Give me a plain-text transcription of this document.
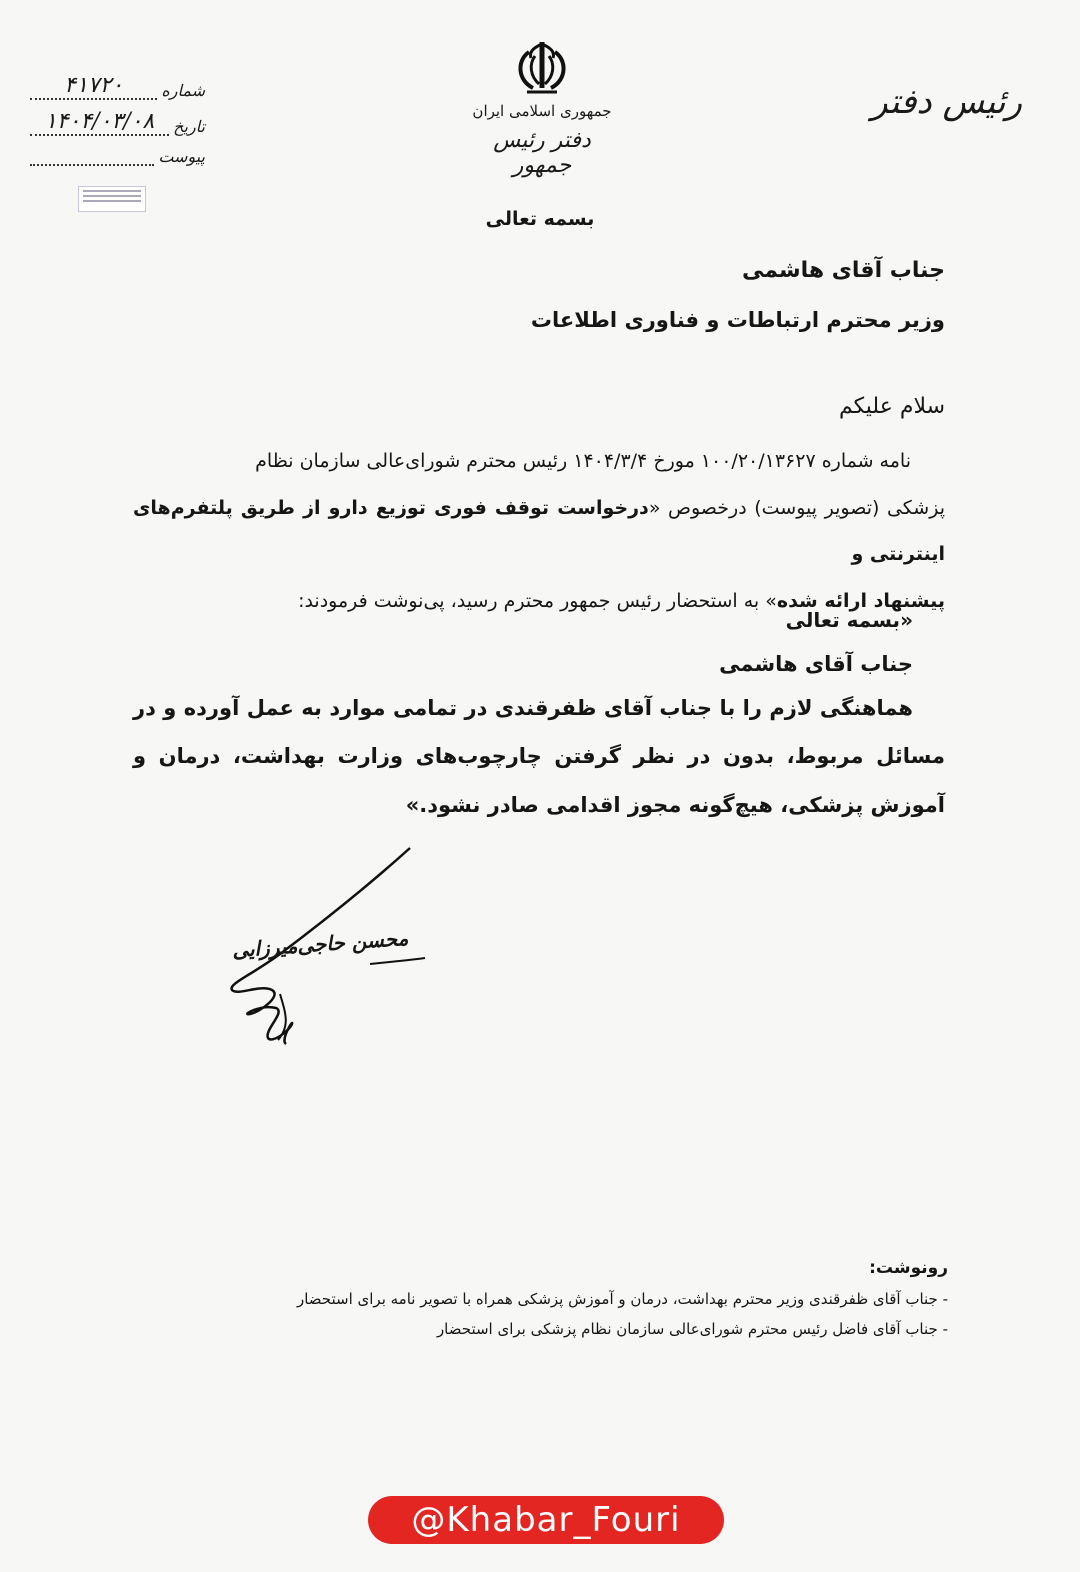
جمهوری اسلامی ایران
دفتر رئیس جمهور
رئیس دفتر
شماره
۴۱۷۲۰
تاریخ
۱۴۰۴/۰۳/۰۸
پیوست
بسمه تعالی
جناب آقای هاشمی
وزیر محترم ارتباطات و فناوری اطلاعات
سلام علیکم

نامه شماره ۱۰۰/۲۰/۱۳۶۲۷ مورخ ۱۴۰۴/۳/۴ رئیس محترم شورای‌عالی سازمان نظام

پزشکی (تصویر پیوست) درخصوص «درخواست توقف فوری توزیع دارو از طریق پلتفرم‌های اینترنتی و

پیشنهاد ارائه شده» به استحضار رئیس جمهور محترم رسید، پی‌نوشت فرمودند:

«بسمه تعالی
جناب آقای هاشمی
هماهنگی لازم را با جناب آقای ظفرقندی در تمامی موارد به عمل آورده و در مسائل مربوط، بدون در نظر گرفتن چارچوب‌های وزارت بهداشت، درمان و آموزش پزشکی، هیچ‌گونه مجوز اقدامی صادر نشود.»
محسن حاجی‌میرزایی
رونوشت:
- جناب آقای ظفرقندی وزیر محترم بهداشت، درمان و آموزش پزشکی همراه با تصویر نامه برای استحضار
- جناب آقای فاضل رئیس محترم شورای‌عالی سازمان نظام پزشکی برای استحضار
@Khabar_Fouri
